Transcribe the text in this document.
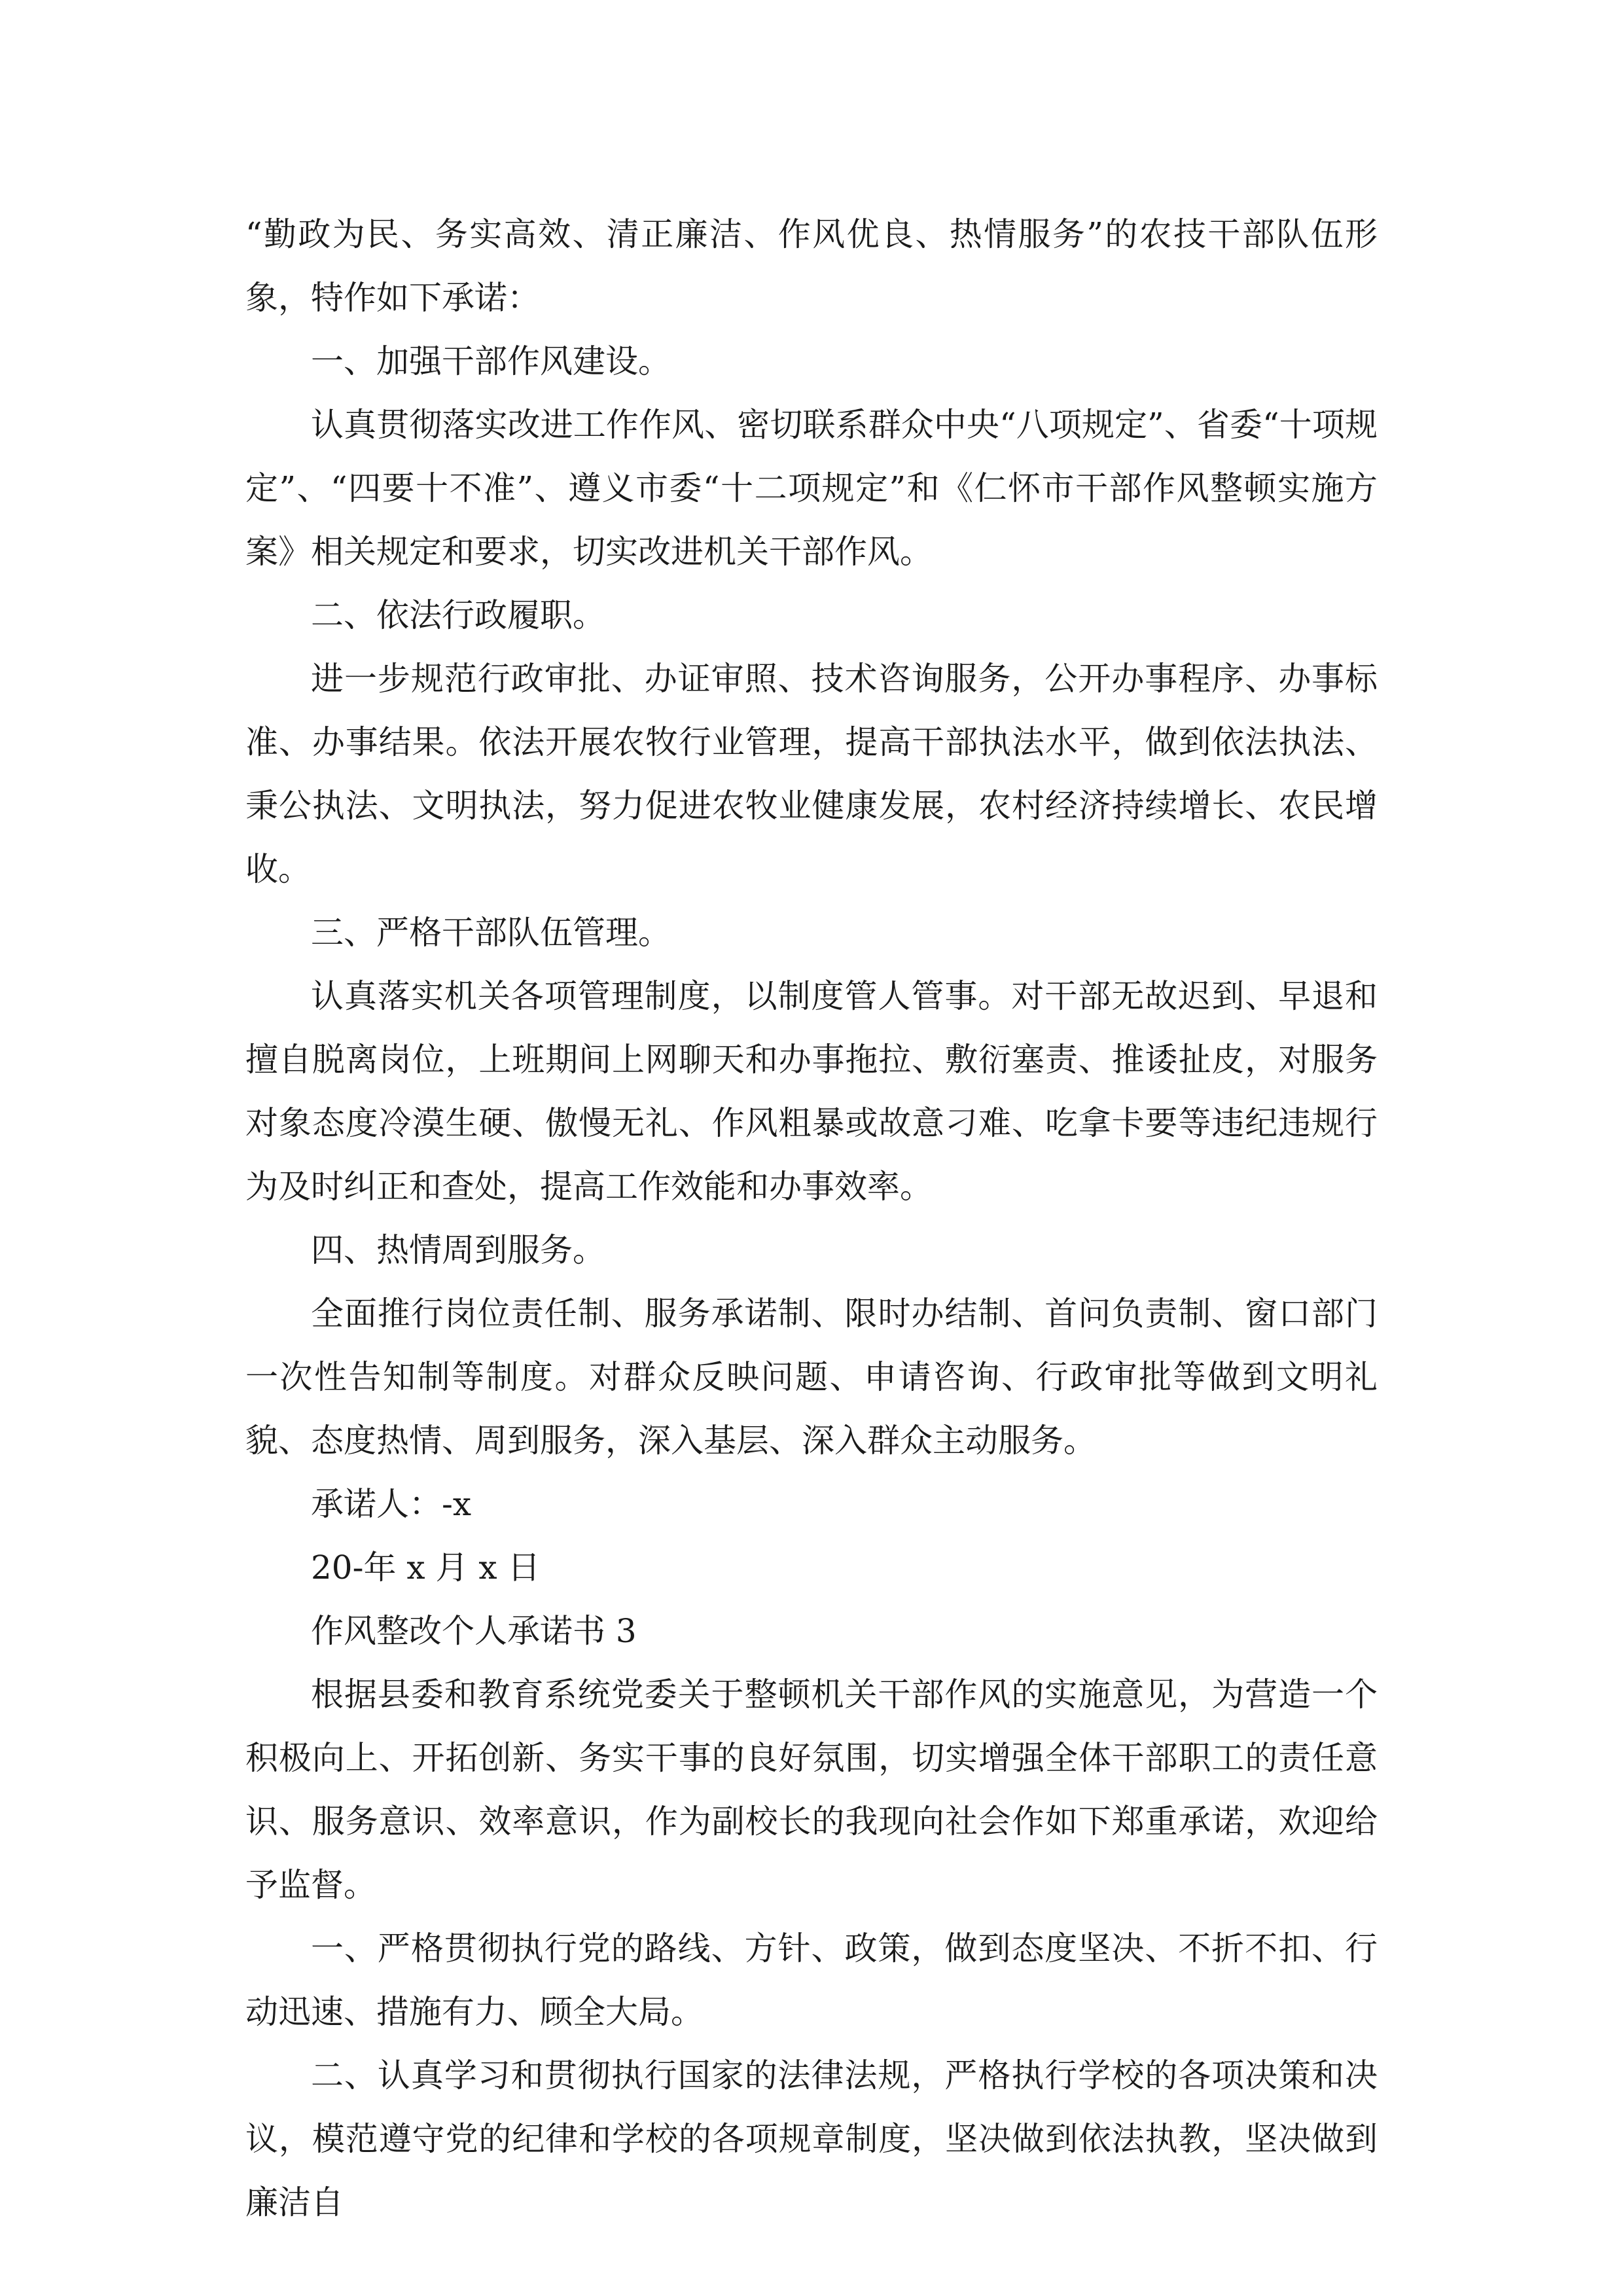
“勤政为民、务实高效、清正廉洁、作风优良、热情服务”的农技干部队伍形象，特作如下承诺：

一、加强干部作风建设。

认真贯彻落实改进工作作风、密切联系群众中央“八项规定”、省委“十项规定”、“四要十不准”、遵义市委“十二项规定”和《仁怀市干部作风整顿实施方案》相关规定和要求，切实改进机关干部作风。

二、依法行政履职。

进一步规范行政审批、办证审照、技术咨询服务，公开办事程序、办事标准、办事结果。依法开展农牧行业管理，提高干部执法水平，做到依法执法、秉公执法、文明执法，努力促进农牧业健康发展，农村经济持续增长、农民增收。

三、严格干部队伍管理。

认真落实机关各项管理制度，以制度管人管事。对干部无故迟到、早退和擅自脱离岗位，上班期间上网聊天和办事拖拉、敷衍塞责、推诿扯皮，对服务对象态度冷漠生硬、傲慢无礼、作风粗暴或故意刁难、吃拿卡要等违纪违规行为及时纠正和查处，提高工作效能和办事效率。

四、热情周到服务。

全面推行岗位责任制、服务承诺制、限时办结制、首问负责制、窗口部门一次性告知制等制度。对群众反映问题、申请咨询、行政审批等做到文明礼貌、态度热情、周到服务，深入基层、深入群众主动服务。

承诺人：-x

20-年 x 月 x 日

作风整改个人承诺书 3

根据县委和教育系统党委关于整顿机关干部作风的实施意见，为营造一个积极向上、开拓创新、务实干事的良好氛围，切实增强全体干部职工的责任意识、服务意识、效率意识，作为副校长的我现向社会作如下郑重承诺，欢迎给予监督。

一、严格贯彻执行党的路线、方针、政策，做到态度坚决、不折不扣、行动迅速、措施有力、顾全大局。

二、认真学习和贯彻执行国家的法律法规，严格执行学校的各项决策和决议，模范遵守党的纪律和学校的各项规章制度，坚决做到依法执教，坚决做到廉洁自
